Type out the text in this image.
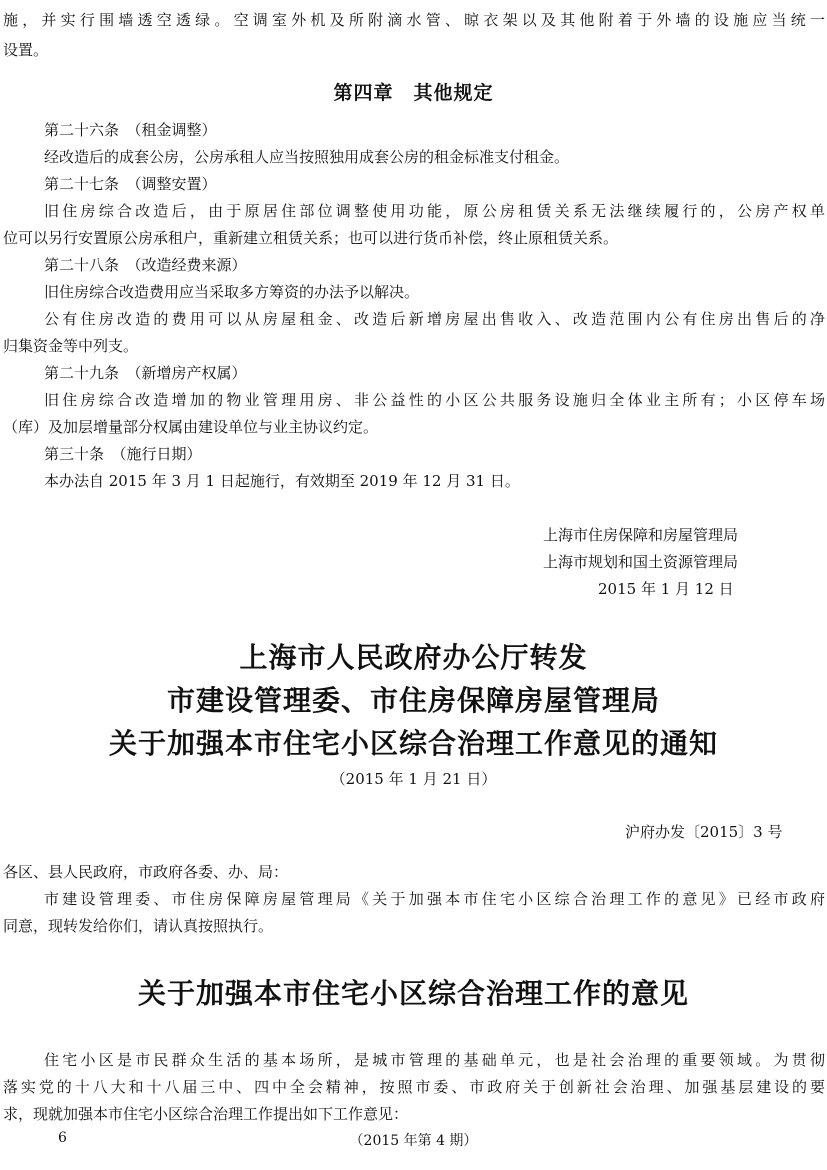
施，并实行围墙透空透绿。空调室外机及所附滴水管、晾衣架以及其他附着于外墙的设施应当统一
设置。
第四章　其他规定
第二十六条　（租金调整）
经改造后的成套公房，公房承租人应当按照独用成套公房的租金标准支付租金。
第二十七条　（调整安置）
旧住房综合改造后，由于原居住部位调整使用功能，原公房租赁关系无法继续履行的，公房产权单
位可以另行安置原公房承租户，重新建立租赁关系；也可以进行货币补偿，终止原租赁关系。
第二十八条　（改造经费来源）
旧住房综合改造费用应当采取多方筹资的办法予以解决。
公有住房改造的费用可以从房屋租金、改造后新增房屋出售收入、改造范围内公有住房出售后的净
归集资金等中列支。
第二十九条　（新增房产权属）
旧住房综合改造增加的物业管理用房、非公益性的小区公共服务设施归全体业主所有；小区停车场
（库）及加层增量部分权属由建设单位与业主协议约定。
第三十条　（施行日期）
本办法自 2015 年 3 月 1 日起施行，有效期至 2019 年 12 月 31 日。
上海市住房保障和房屋管理局
上海市规划和国土资源管理局
2015 年 1 月 12 日
上海市人民政府办公厅转发
市建设管理委、市住房保障房屋管理局
关于加强本市住宅小区综合治理工作意见的通知
（2015 年 1 月 21 日）
沪府办发〔2015〕3 号
各区、县人民政府，市政府各委、办、局：
市建设管理委、市住房保障房屋管理局《关于加强本市住宅小区综合治理工作的意见》已经市政府
同意，现转发给你们，请认真按照执行。
关于加强本市住宅小区综合治理工作的意见
住宅小区是市民群众生活的基本场所，是城市管理的基础单元，也是社会治理的重要领域。为贯彻
落实党的十八大和十八届三中、四中全会精神，按照市委、市政府关于创新社会治理、加强基层建设的要
求，现就加强本市住宅小区综合治理工作提出如下工作意见：
6	（2015 年第 4 期）
